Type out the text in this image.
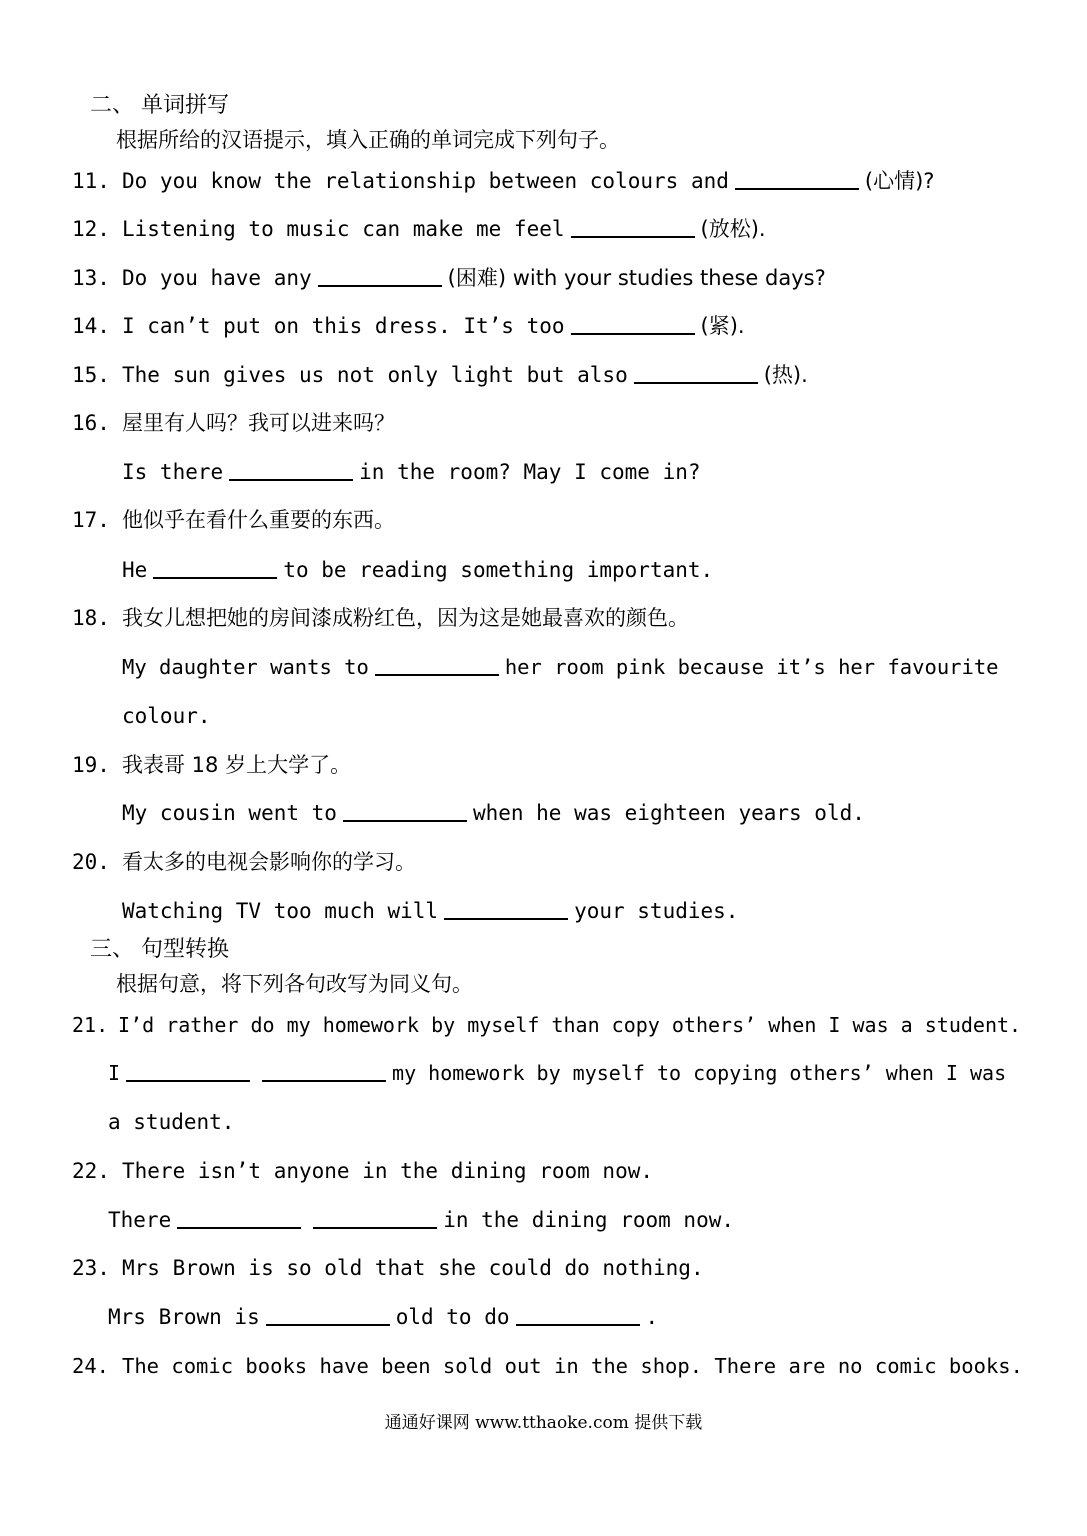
二、 单词拼写
根据所给的汉语提示，填入正确的单词完成下列句子。
11. Do you know the relationship between colours and	(心情)?
12. Listening to music can make me feel	(放松).
13. Do you have any	(困难) with your studies these days?
14. I can’t put on this dress. It’s too	(紧).
15. The sun gives us not only light but also	(热).
16. 屋里有人吗？我可以进来吗？
Is there	in the room? May I come in?
17. 他似乎在看什么重要的东西。
He	to be reading something important.
18. 我女儿想把她的房间漆成粉红色，因为这是她最喜欢的颜色。
My daughter wants to	her room pink because it’s her favourite
colour.
19. 我表哥 18 岁上大学了。
My cousin went to	when he was eighteen years old.
20. 看太多的电视会影响你的学习。
Watching TV too much will	your studies.
三、 句型转换
根据句意，将下列各句改写为同义句。
21. I’d rather do my homework by myself than copy others’ when I was a student.
I	my homework by myself to copying others’ when I was
a student.
22. There isn’t anyone in the dining room now.
There	in the dining room now.
23. Mrs Brown is so old that she could do nothing.
Mrs Brown is	old to do	.
24. The comic books have been sold out in the shop. There are no comic books.
通通好课网 www.tthaoke.com 提供下载
